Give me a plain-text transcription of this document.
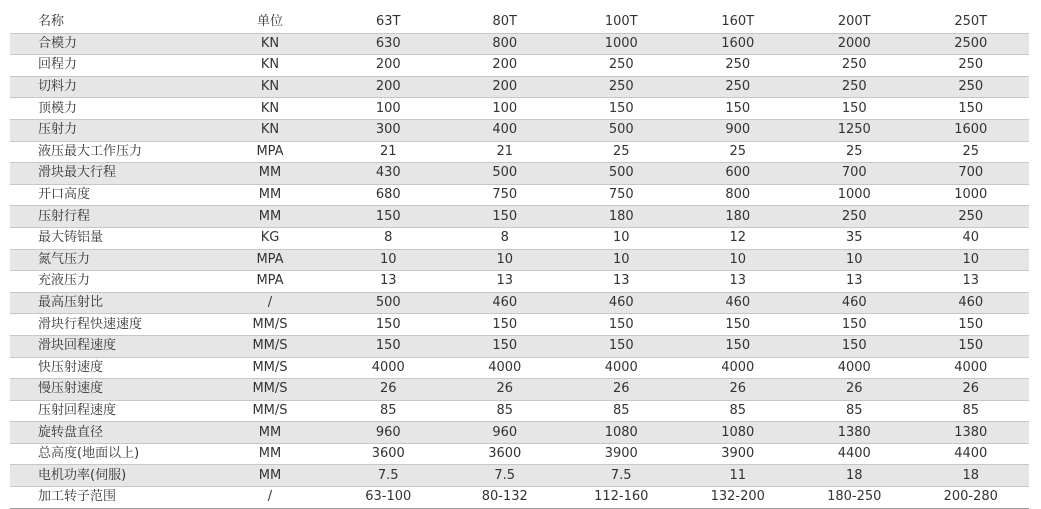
名称	单位	63T	80T	100T	160T	200T	250T
合模力	KN	630	800	1000	1600	2000	2500
回程力	KN	200	200	250	250	250	250
切料力	KN	200	200	250	250	250	250
顶模力	KN	100	100	150	150	150	150
压射力	KN	300	400	500	900	1250	1600
液压最大工作压力	MPA	21	21	25	25	25	25
滑块最大行程	MM	430	500	500	600	700	700
开口高度	MM	680	750	750	800	1000	1000
压射行程	MM	150	150	180	180	250	250
最大铸铝量	KG	8	8	10	12	35	40
氮气压力	MPA	10	10	10	10	10	10
充液压力	MPA	13	13	13	13	13	13
最高压射比	/	500	460	460	460	460	460
滑块行程快速速度	MM/S	150	150	150	150	150	150
滑块回程速度	MM/S	150	150	150	150	150	150
快压射速度	MM/S	4000	4000	4000	4000	4000	4000
慢压射速度	MM/S	26	26	26	26	26	26
压射回程速度	MM/S	85	85	85	85	85	85
旋转盘直径	MM	960	960	1080	1080	1380	1380
总高度(地面以上)	MM	3600	3600	3900	3900	4400	4400
电机功率(伺服)	MM	7.5	7.5	7.5	11	18	18
加工转子范围	/	63-100	80-132	112-160	132-200	180-250	200-280
